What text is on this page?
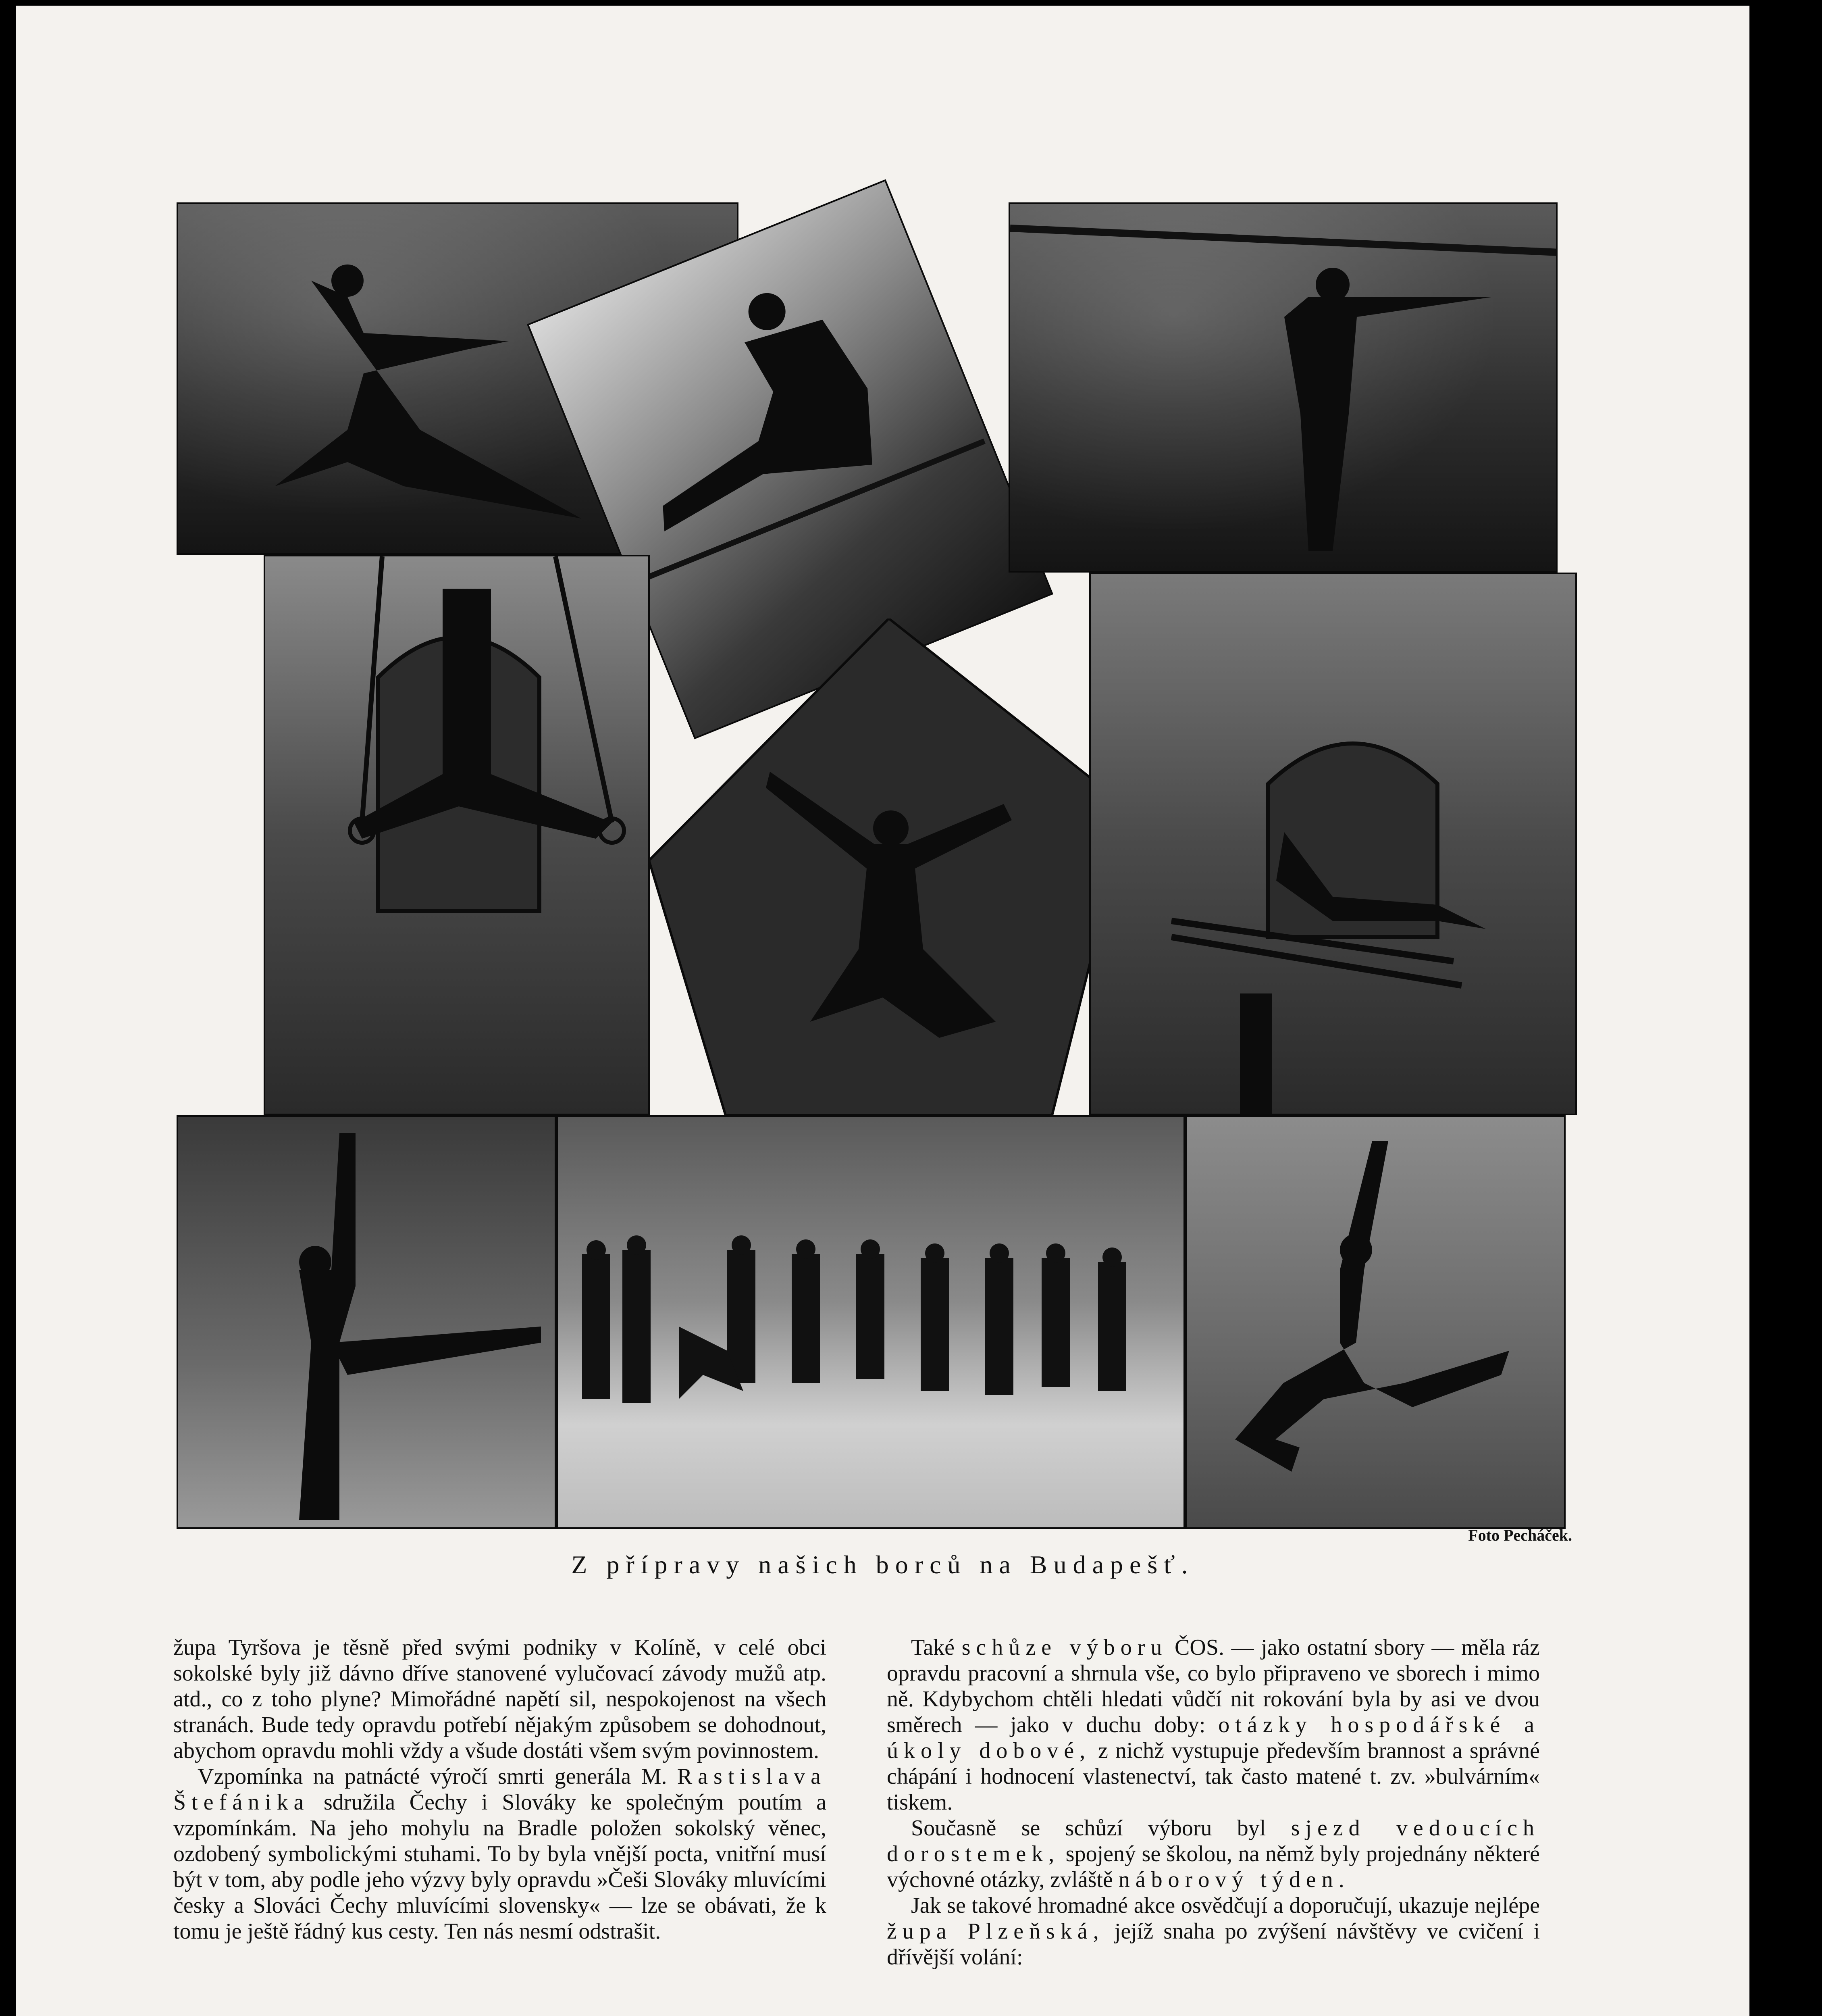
Foto Pecháček.
Z přípravy našich borců na Budapešť.

župa Tyršova je těsně před svými podniky v Kolíně, v celé obci sokolské byly již dávno dříve stanovené vylučovací závody mužů atp. atd., co z toho plyne? Mimořádné napětí sil, nespokojenost na všech stranách. Bude tedy opravdu potřebí nějakým způsobem se dohodnout, abychom opravdu mohli vždy a všude dostáti všem svým povinnostem.

Vzpomínka na patnácté výročí smrti generála M. Rastislava Štefánika sdružila Čechy i Slováky ke společným poutím a vzpomínkám. Na jeho mohylu na Bradle položen sokolský věnec, ozdobený symbolickými stuhami. To by byla vnější pocta, vnitřní musí být v tom, aby podle jeho výzvy byly opravdu »Češi Slováky mluvícími česky a Slováci Čechy mluvícími slovensky« — lze se obávati, že k tomu je ještě řádný kus cesty. Ten nás nesmí odstrašit.

Také schůze výboru ČOS. — jako ostatní sbory — měla ráz opravdu pracovní a shrnula vše, co bylo připraveno ve sborech i mimo ně. Kdybychom chtěli hledati vůdčí nit rokování byla by asi ve dvou směrech — jako v duchu doby: otázky hospodářské a úkoly dobové, z nichž vystupuje především brannost a správné chápání i hodnocení vlastenectví, tak často matené t. zv. »bulvárním« tiskem.

Současně se schůzí výboru byl sjezd vedoucích dorostemek, spojený se školou, na němž byly projednány některé výchovné otázky, zvláště náborový týden.

Jak se takové hromadné akce osvědčují a doporučují, ukazuje nejlépe župa Plzeňská, jejíž snaha po zvýšení návštěvy ve cvičení i dřívější volání:
